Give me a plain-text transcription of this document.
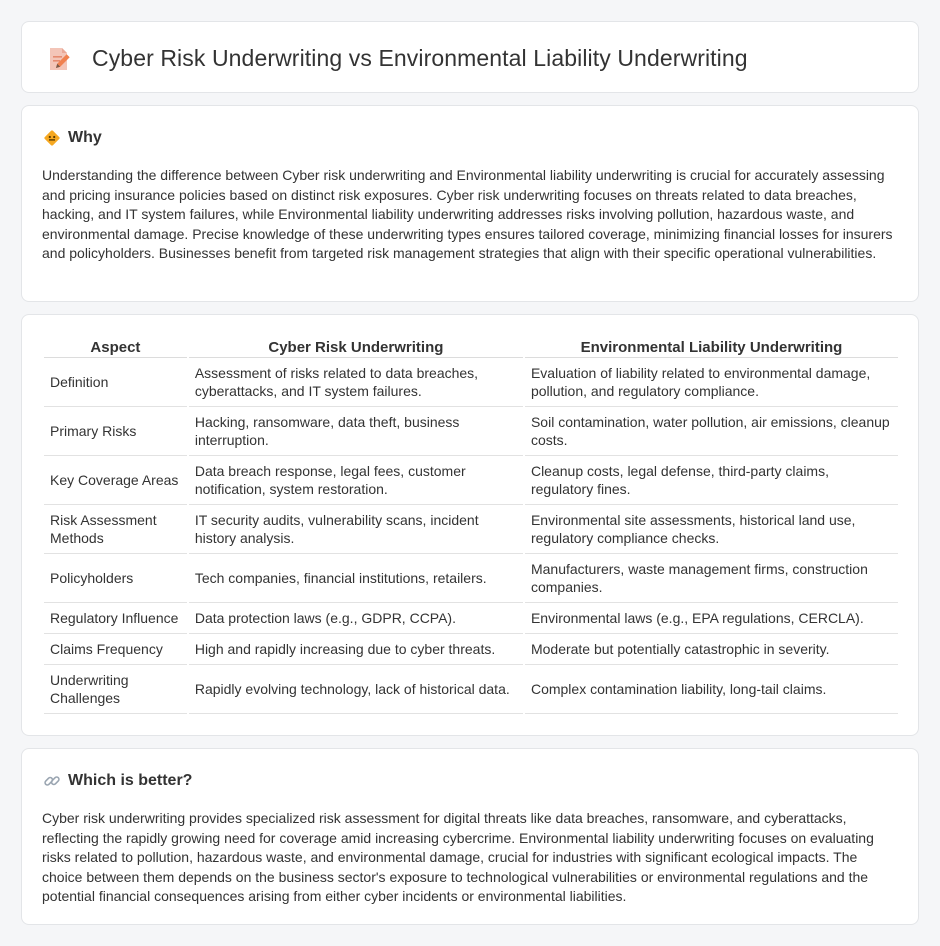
Cyber Risk Underwriting vs Environmental Liability Underwriting
Why

Understanding the difference between Cyber risk underwriting and Environmental liability underwriting is crucial for accurately assessing and pricing insurance policies based on distinct risk exposures. Cyber risk underwriting focuses on threats related to data breaches, hacking, and IT system failures, while Environmental liability underwriting addresses risks involving pollution, hazardous waste, and environmental damage. Precise knowledge of these underwriting types ensures tailored coverage, minimizing financial losses for insurers and policyholders. Businesses benefit from targeted risk management strategies that align with their specific operational vulnerabilities.

Aspect	Cyber Risk Underwriting	Environmental Liability Underwriting
Definition	Assessment of risks related to data breaches, cyberattacks, and IT system failures.	Evaluation of liability related to environmental damage, pollution, and regulatory compliance.
Primary Risks	Hacking, ransomware, data theft, business interruption.	Soil contamination, water pollution, air emissions, cleanup costs.
Key Coverage Areas	Data breach response, legal fees, customer notification, system restoration.	Cleanup costs, legal defense, third-party claims, regulatory fines.
Risk Assessment Methods	IT security audits, vulnerability scans, incident history analysis.	Environmental site assessments, historical land use, regulatory compliance checks.
Policyholders	Tech companies, financial institutions, retailers.	Manufacturers, waste management firms, construction companies.
Regulatory Influence	Data protection laws (e.g., GDPR, CCPA).	Environmental laws (e.g., EPA regulations, CERCLA).
Claims Frequency	High and rapidly increasing due to cyber threats.	Moderate but potentially catastrophic in severity.
Underwriting Challenges	Rapidly evolving technology, lack of historical data.	Complex contamination liability, long-tail claims.
Which is better?

Cyber risk underwriting provides specialized risk assessment for digital threats like data breaches, ransomware, and cyberattacks, reflecting the rapidly growing need for coverage amid increasing cybercrime. Environmental liability underwriting focuses on evaluating risks related to pollution, hazardous waste, and environmental damage, crucial for industries with significant ecological impacts. The choice between them depends on the business sector's exposure to technological vulnerabilities or environmental regulations and the potential financial consequences arising from either cyber incidents or environmental liabilities.
